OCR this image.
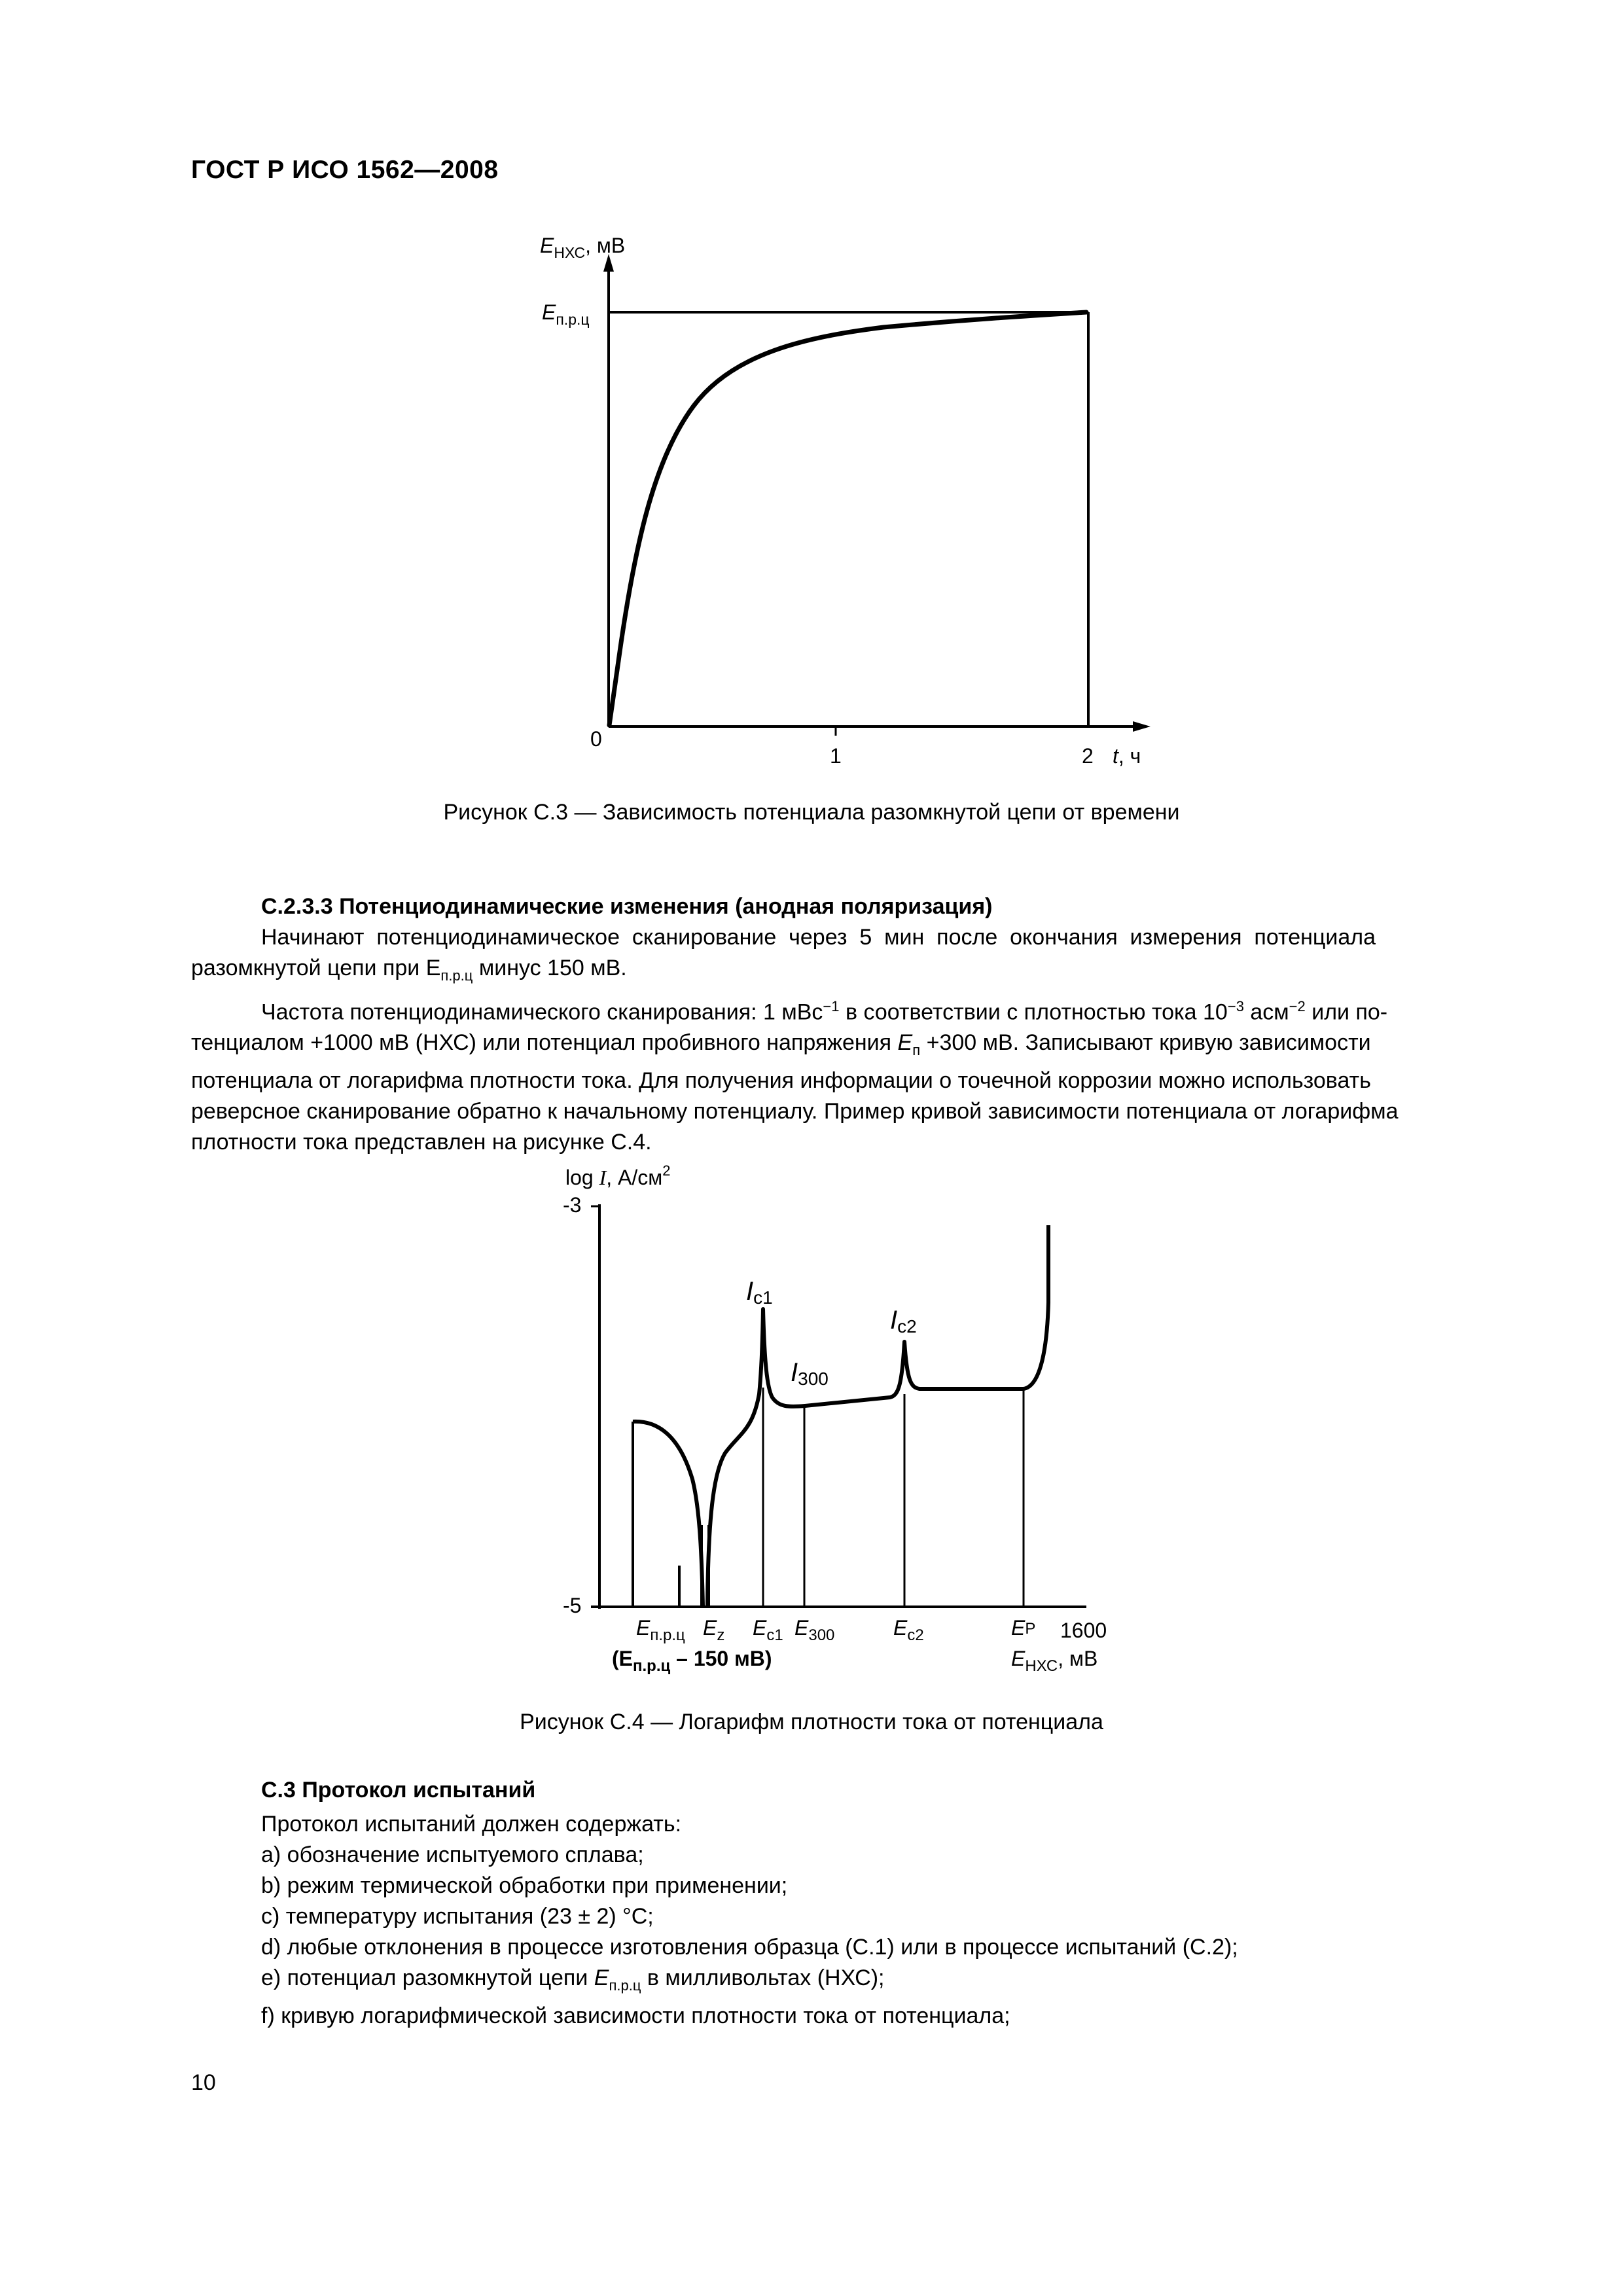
ГОСТ Р ИСО 1562—2008
$E_{НХС}$, мВ
$E_{п.р.ц}$
0
1	2 t, ч
Рисунок С.3 — Зависимость потенциала разомкнутой цепи от времени
С.2.3.3 Потенциодинамические изменения (анодная поляризация)
Начинают  потенциодинамическое  сканирование  через  5  мин  после  окончания  измерения  потенциала
разомкнутой цепи при $E_{п.р.ц}$ минус 150 мВ.
Частота потенциодинамического сканирования: 1 мВс$^{-1}$ в соответствии с плотностью тока $10^{-3}$ асм$^{-2}$ или по-
тенциалом +1000 мВ (НХС) или потенциал пробивного напряжения $E_п +300$ мВ. Записывают кривую зависимости
потенциала от логарифма плотности тока. Для получения информации о точечной коррозии можно использовать
реверсное сканирование обратно к начальному потенциалу. Пример кривой зависимости потенциала от логарифма
плотности тока представлен на рисунке С.4.
log I, $А/см^2$
-3
-5
Ic1
I300
Ic2
$E_{п.р.ц}$ $E_z$ $E_{c1}$ $E_{300}$	$E_{c2}$	EP 1600
($E_{п.р.ц} - 150$ мВ)	$E_{НХС}$, мВ
Рисунок С.4 — Логарифм плотности тока от потенциала
С.3 Протокол испытаний
Протокол испытаний должен содержать:
a) обозначение испытуемого сплава;
b) режим термической обработки при применении;
c) температуру испытания (23 ± 2) °С;
d) любые отклонения в процессе изготовления образца (С.1) или в процессе испытаний (С.2);
e) потенциал разомкнутой цепи $E_{п.р.ц}$ в милливольтах (НХС);
f) кривую логарифмической зависимости плотности тока от потенциала;
10
